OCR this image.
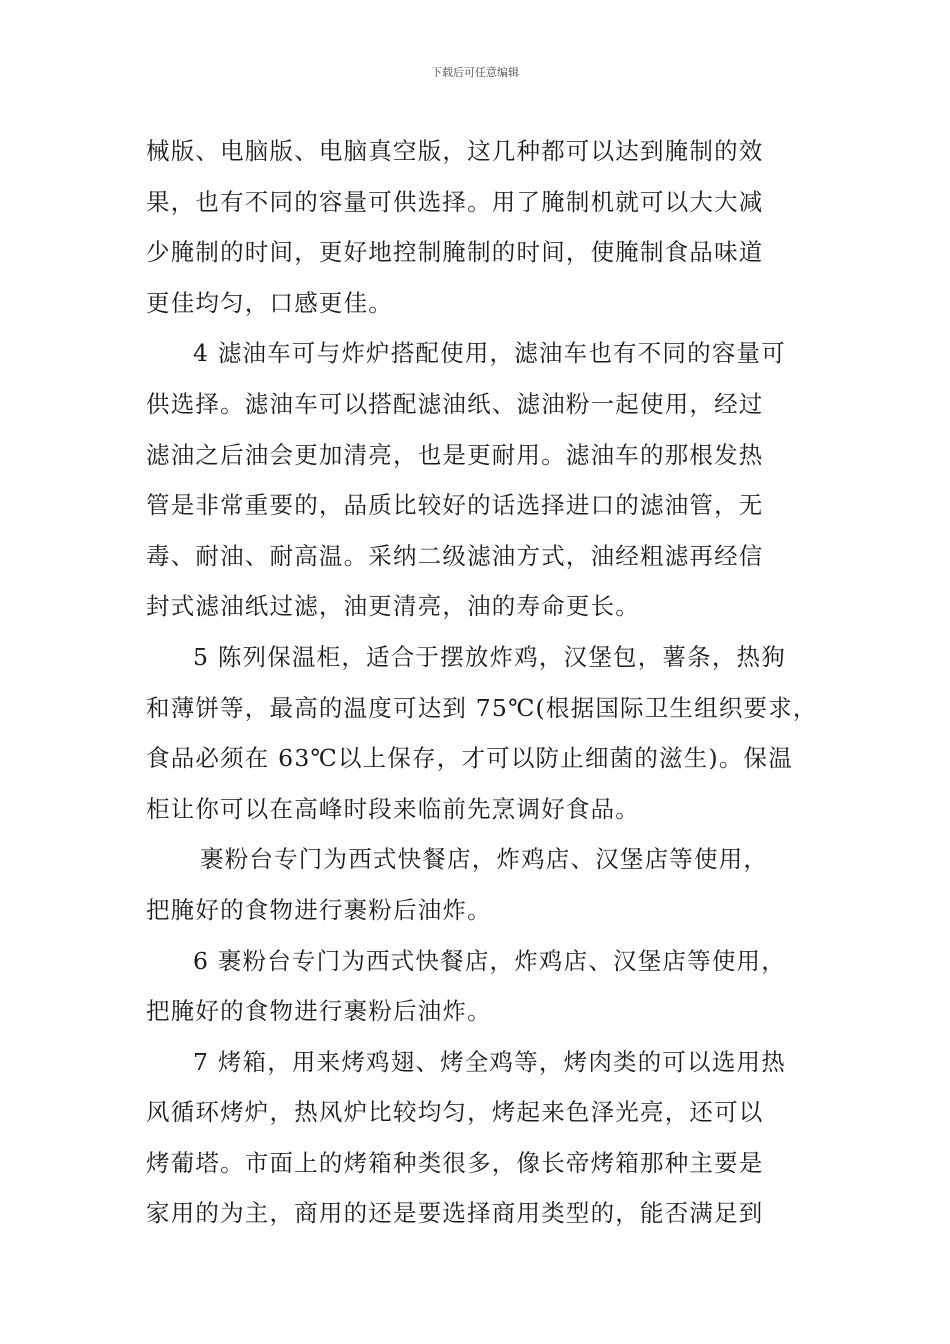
下载后可任意编辑
械版、电脑版、电脑真空版，这几种都可以达到腌制的效
果，也有不同的容量可供选择。用了腌制机就可以大大减
少腌制的时间，更好地控制腌制的时间，使腌制食品味道
更佳均匀，口感更佳。
4 滤油车可与炸炉搭配使用，滤油车也有不同的容量可
供选择。滤油车可以搭配滤油纸、滤油粉一起使用，经过
滤油之后油会更加清亮，也是更耐用。滤油车的那根发热
管是非常重要的，品质比较好的话选择进口的滤油管，无
毒、耐油、耐高温。采纳二级滤油方式，油经粗滤再经信
封式滤油纸过滤，油更清亮，油的寿命更长。
5 陈列保温柜，适合于摆放炸鸡，汉堡包，薯条，热狗
和薄饼等，最高的温度可达到 75℃(根据国际卫生组织要求，
食品必须在 63℃以上保存，才可以防止细菌的滋生)。保温
柜让你可以在高峰时段来临前先烹调好食品。
裹粉台专门为西式快餐店，炸鸡店、汉堡店等使用，
把腌好的食物进行裹粉后油炸。
6 裹粉台专门为西式快餐店，炸鸡店、汉堡店等使用，
把腌好的食物进行裹粉后油炸。
7 烤箱，用来烤鸡翅、烤全鸡等，烤肉类的可以选用热
风循环烤炉，热风炉比较均匀，烤起来色泽光亮，还可以
烤葡塔。市面上的烤箱种类很多，像长帝烤箱那种主要是
家用的为主，商用的还是要选择商用类型的，能否满足到
